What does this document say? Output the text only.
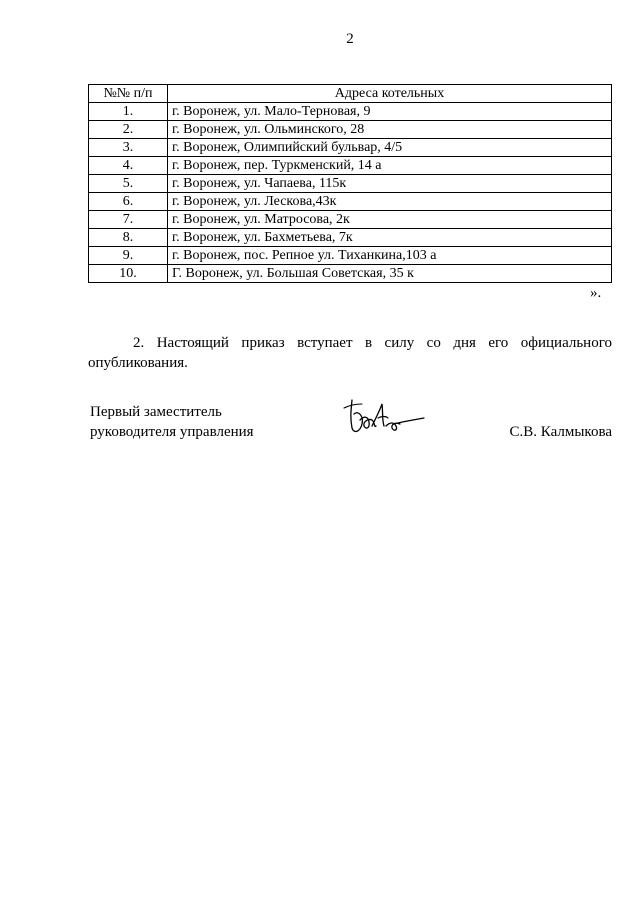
2
№№ п/п	Адреса котельных
1.	г. Воронеж, ул. Мало-Терновая, 9
2.	г. Воронеж, ул. Ольминского, 28
3.	г. Воронеж, Олимпийский бульвар, 4/5
4.	г. Воронеж, пер. Туркменский, 14 а
5.	г. Воронеж, ул. Чапаева, 115к
6.	г. Воронеж, ул. Лескова,43к
7.	г. Воронеж, ул. Матросова, 2к
8.	г. Воронеж, ул. Бахметьева, 7к
9.	г. Воронеж, пос. Репное ул. Тиханкина,103 а
10.	Г. Воронеж, ул. Большая Советская, 35 к
».
2. Настоящий приказ вступает в силу со дня его официального опубликования.
Первый заместитель
руководителя управления	С.В. Калмыкова
